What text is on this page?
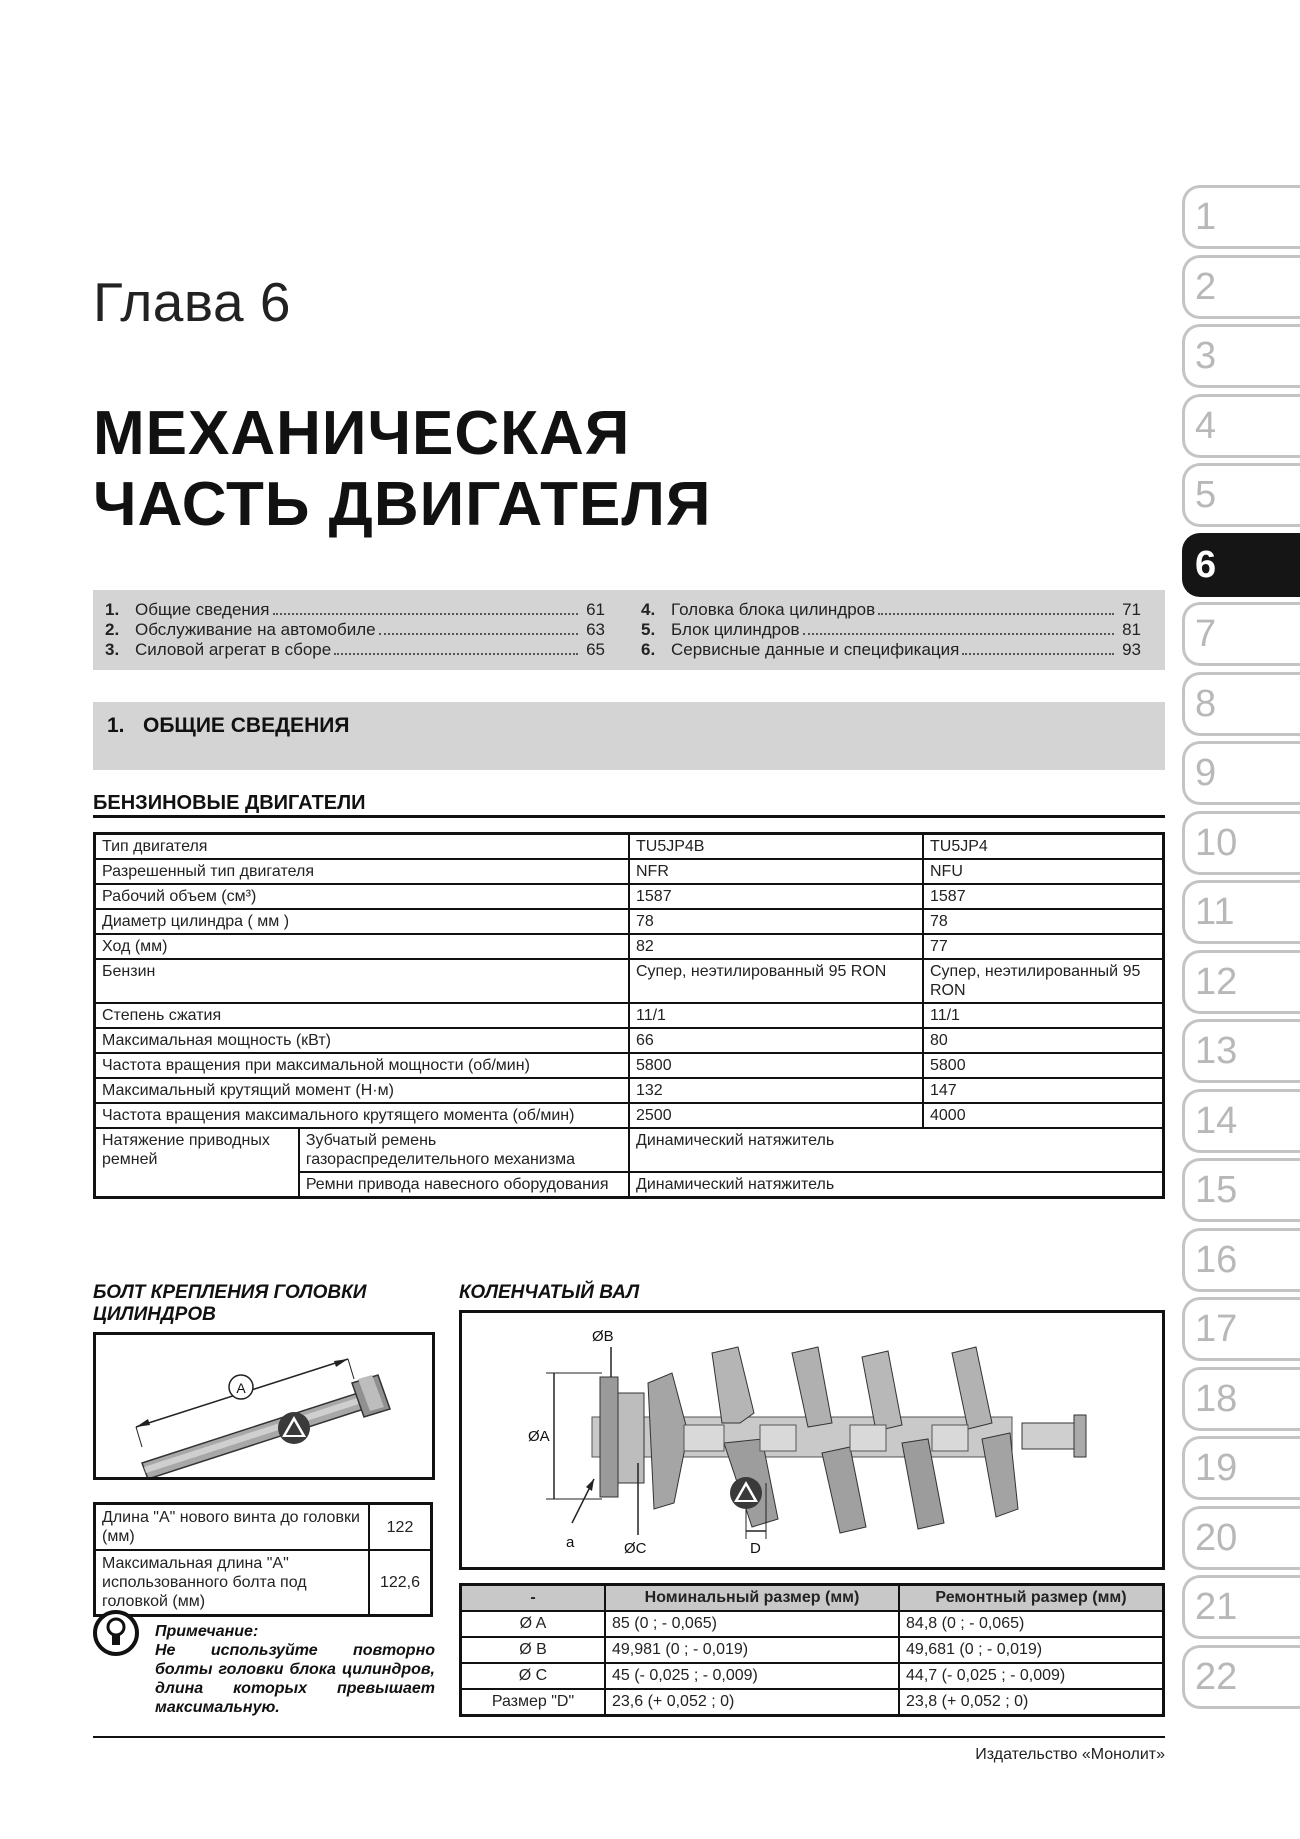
Глава 6
МЕХАНИЧЕСКАЯ
ЧАСТЬ ДВИГАТЕЛЯ
1. Общие сведения	61
2. Обслуживание на автомобиле	63
3. Силовой агрегат в сборе	65
4. Головка блока цилиндров	71
5. Блок цилиндров	81
6. Сервисные данные и спецификация	93
1. ОБЩИЕ СВЕДЕНИЯ
БЕНЗИНОВЫЕ ДВИГАТЕЛИ
Тип двигателя		TU5JP4B	TU5JP4
Разрешенный тип двигателя		NFR	NFU
Рабочий объем (см³)		1587	1587
Диаметр цилиндра ( мм )		78	78
Ход (мм)		82	77
Бензин		Супер, неэтилированный 95 RON	Супер, неэтилированный 95 RON
Степень сжатия		11/1	11/1
Максимальная мощность (кВт)		66	80
Частота вращения при максимальной мощности (об/мин)		5800	5800
Максимальный крутящий момент (Н·м)		132	147
Частота вращения максимального крутящего момента (об/мин)		2500	4000
Натяжение приводных ремней	Зубчатый ремень газораспределительного механизма	Динамический натяжитель	
	Ремни привода навесного оборудования	Динамический натяжитель	
БОЛТ КРЕПЛЕНИЯ ГОЛОВКИ ЦИЛИНДРОВ
A
Длина "А" нового винта до головки (мм)	122
Максимальная длина "А" использованного болта под головкой (мм)	122,6
Примечание:
Не используйте повторно болты головки блока цилиндров, длина которых превышает максимальную.
КОЛЕНЧАТЫЙ ВАЛ
ØA
ØB
ØC	D
a
-	Номинальный размер (мм)	Ремонтный размер (мм)
Ø A	85 (0 ; - 0,065)	84,8 (0 ; - 0,065)
Ø B	49,981 (0 ; - 0,019)	49,681 (0 ; - 0,019)
Ø C	45 (- 0,025 ; - 0,009)	44,7 (- 0,025 ; - 0,009)
Размер "D"	23,6 (+ 0,052 ; 0)	23,8 (+ 0,052 ; 0)
Издательство «Монолит»
1
2
3
4
5
6
7
8
9
10
11
12
13
14
15
16
17
18
19
20
21
22
